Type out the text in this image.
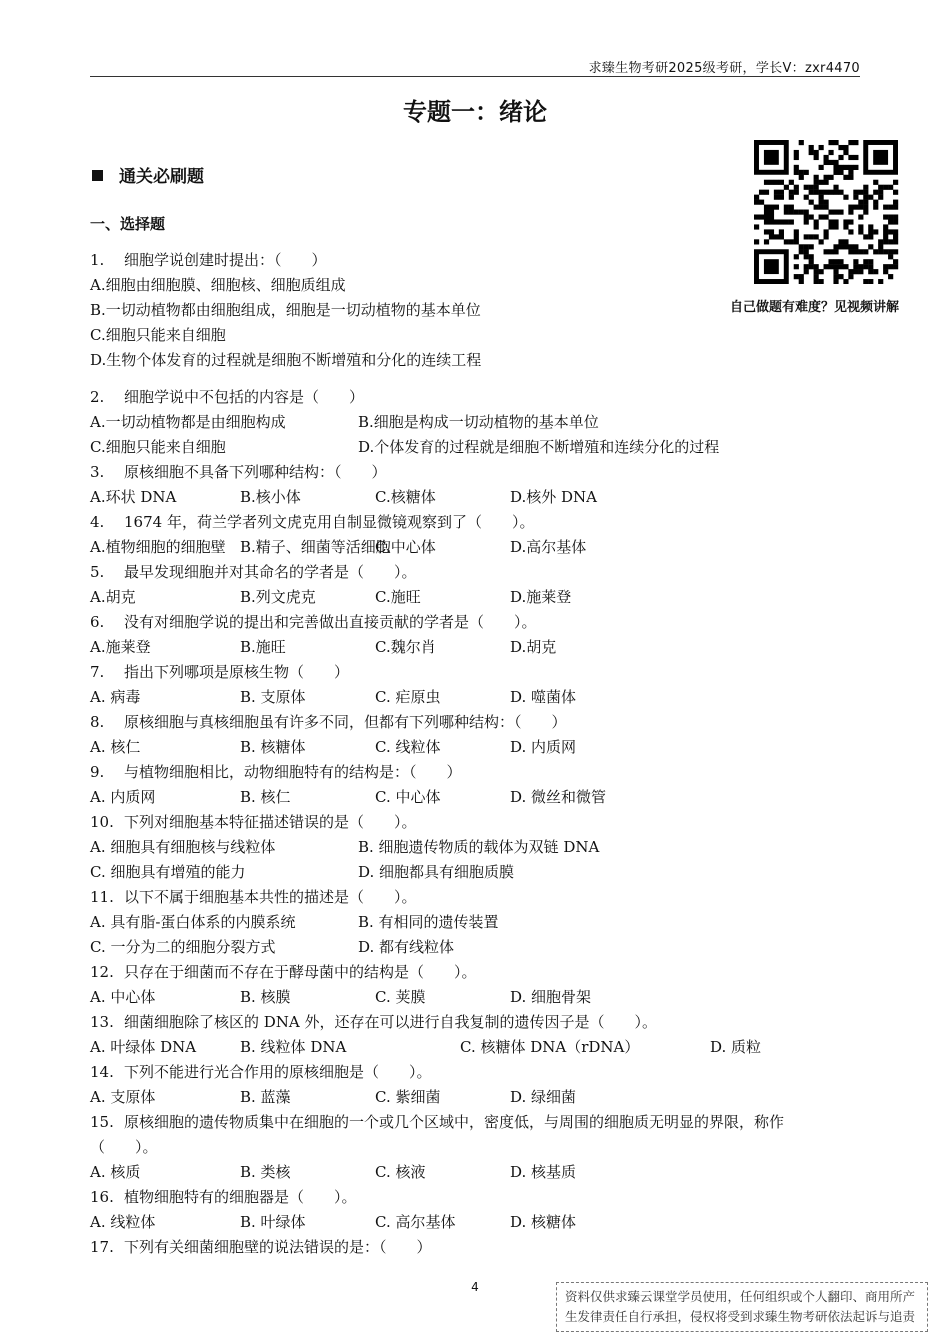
求臻生物考研2025级考研，学长V：zxr4470
专题一：绪论
通关必刷题
一、选择题
自己做题有难度？见视频讲解
1. 细胞学说创建时提出：（　　）
A.细胞由细胞膜、细胞核、细胞质组成
B.一切动植物都由细胞组成，细胞是一切动植物的基本单位
C.细胞只能来自细胞
D.生物个体发育的过程就是细胞不断增殖和分化的连续工程
2. 细胞学说中不包括的内容是（　　）
A.一切动植物都是由细胞构成	B.细胞是构成一切动植物的基本单位
C.细胞只能来自细胞	D.个体发育的过程就是细胞不断增殖和连续分化的过程
3. 原核细胞不具备下列哪种结构：（　　）
A.环状 DNA	B.核小体	C.核糖体	D.核外 DNA
4. 1674 年，荷兰学者列文虎克用自制显微镜观察到了（　　）。
A.植物细胞的细胞壁 B.精子、细菌等活细胞
C.中心体	D.高尔基体
5. 最早发现细胞并对其命名的学者是（　　）。
A.胡克	B.列文虎克	C.施旺	D.施莱登
6. 没有对细胞学说的提出和完善做出直接贡献的学者是（　　）。
A.施莱登	B.施旺	C.魏尔肖	D.胡克
7. 指出下列哪项是原核生物（　　）
A. 病毒	B. 支原体	C. 疟原虫	D. 噬菌体
8. 原核细胞与真核细胞虽有许多不同，但都有下列哪种结构：（　　）
A. 核仁	B. 核糖体	C. 线粒体	D. 内质网
9. 与植物细胞相比，动物细胞特有的结构是：（　　）
A. 内质网	B. 核仁	C. 中心体	D. 微丝和微管
10. 下列对细胞基本特征描述错误的是（　　）。
A. 细胞具有细胞核与线粒体	B. 细胞遗传物质的载体为双链 DNA
C. 细胞具有增殖的能力	D. 细胞都具有细胞质膜
11. 以下不属于细胞基本共性的描述是（　　）。
A. 具有脂-蛋白体系的内膜系统	B. 有相同的遗传装置
C. 一分为二的细胞分裂方式	D. 都有线粒体
12. 只存在于细菌而不存在于酵母菌中的结构是（　　）。
A. 中心体	B. 核膜	C. 荚膜	D. 细胞骨架
13. 细菌细胞除了核区的 DNA 外，还存在可以进行自我复制的遗传因子是（　　）。
A. 叶绿体 DNA	B. 线粒体 DNA	C. 核糖体 DNA（rDNA）	D. 质粒
14. 下列不能进行光合作用的原核细胞是（　　）。
A. 支原体	B. 蓝藻	C. 紫细菌	D. 绿细菌
15. 原核细胞的遗传物质集中在细胞的一个或几个区域中，密度低，与周围的细胞质无明显的界限，称作
（　　）。
A. 核质	B. 类核	C. 核液	D. 核基质
16. 植物细胞特有的细胞器是（　　）。
A. 线粒体	B. 叶绿体	C. 高尔基体	D. 核糖体
17. 下列有关细菌细胞壁的说法错误的是：（　　）
4
资料仅供求臻云课堂学员使用，任何组织或个人翻印、商用所产
生发律责任自行承担，侵权将受到求臻生物考研依法起诉与追责
